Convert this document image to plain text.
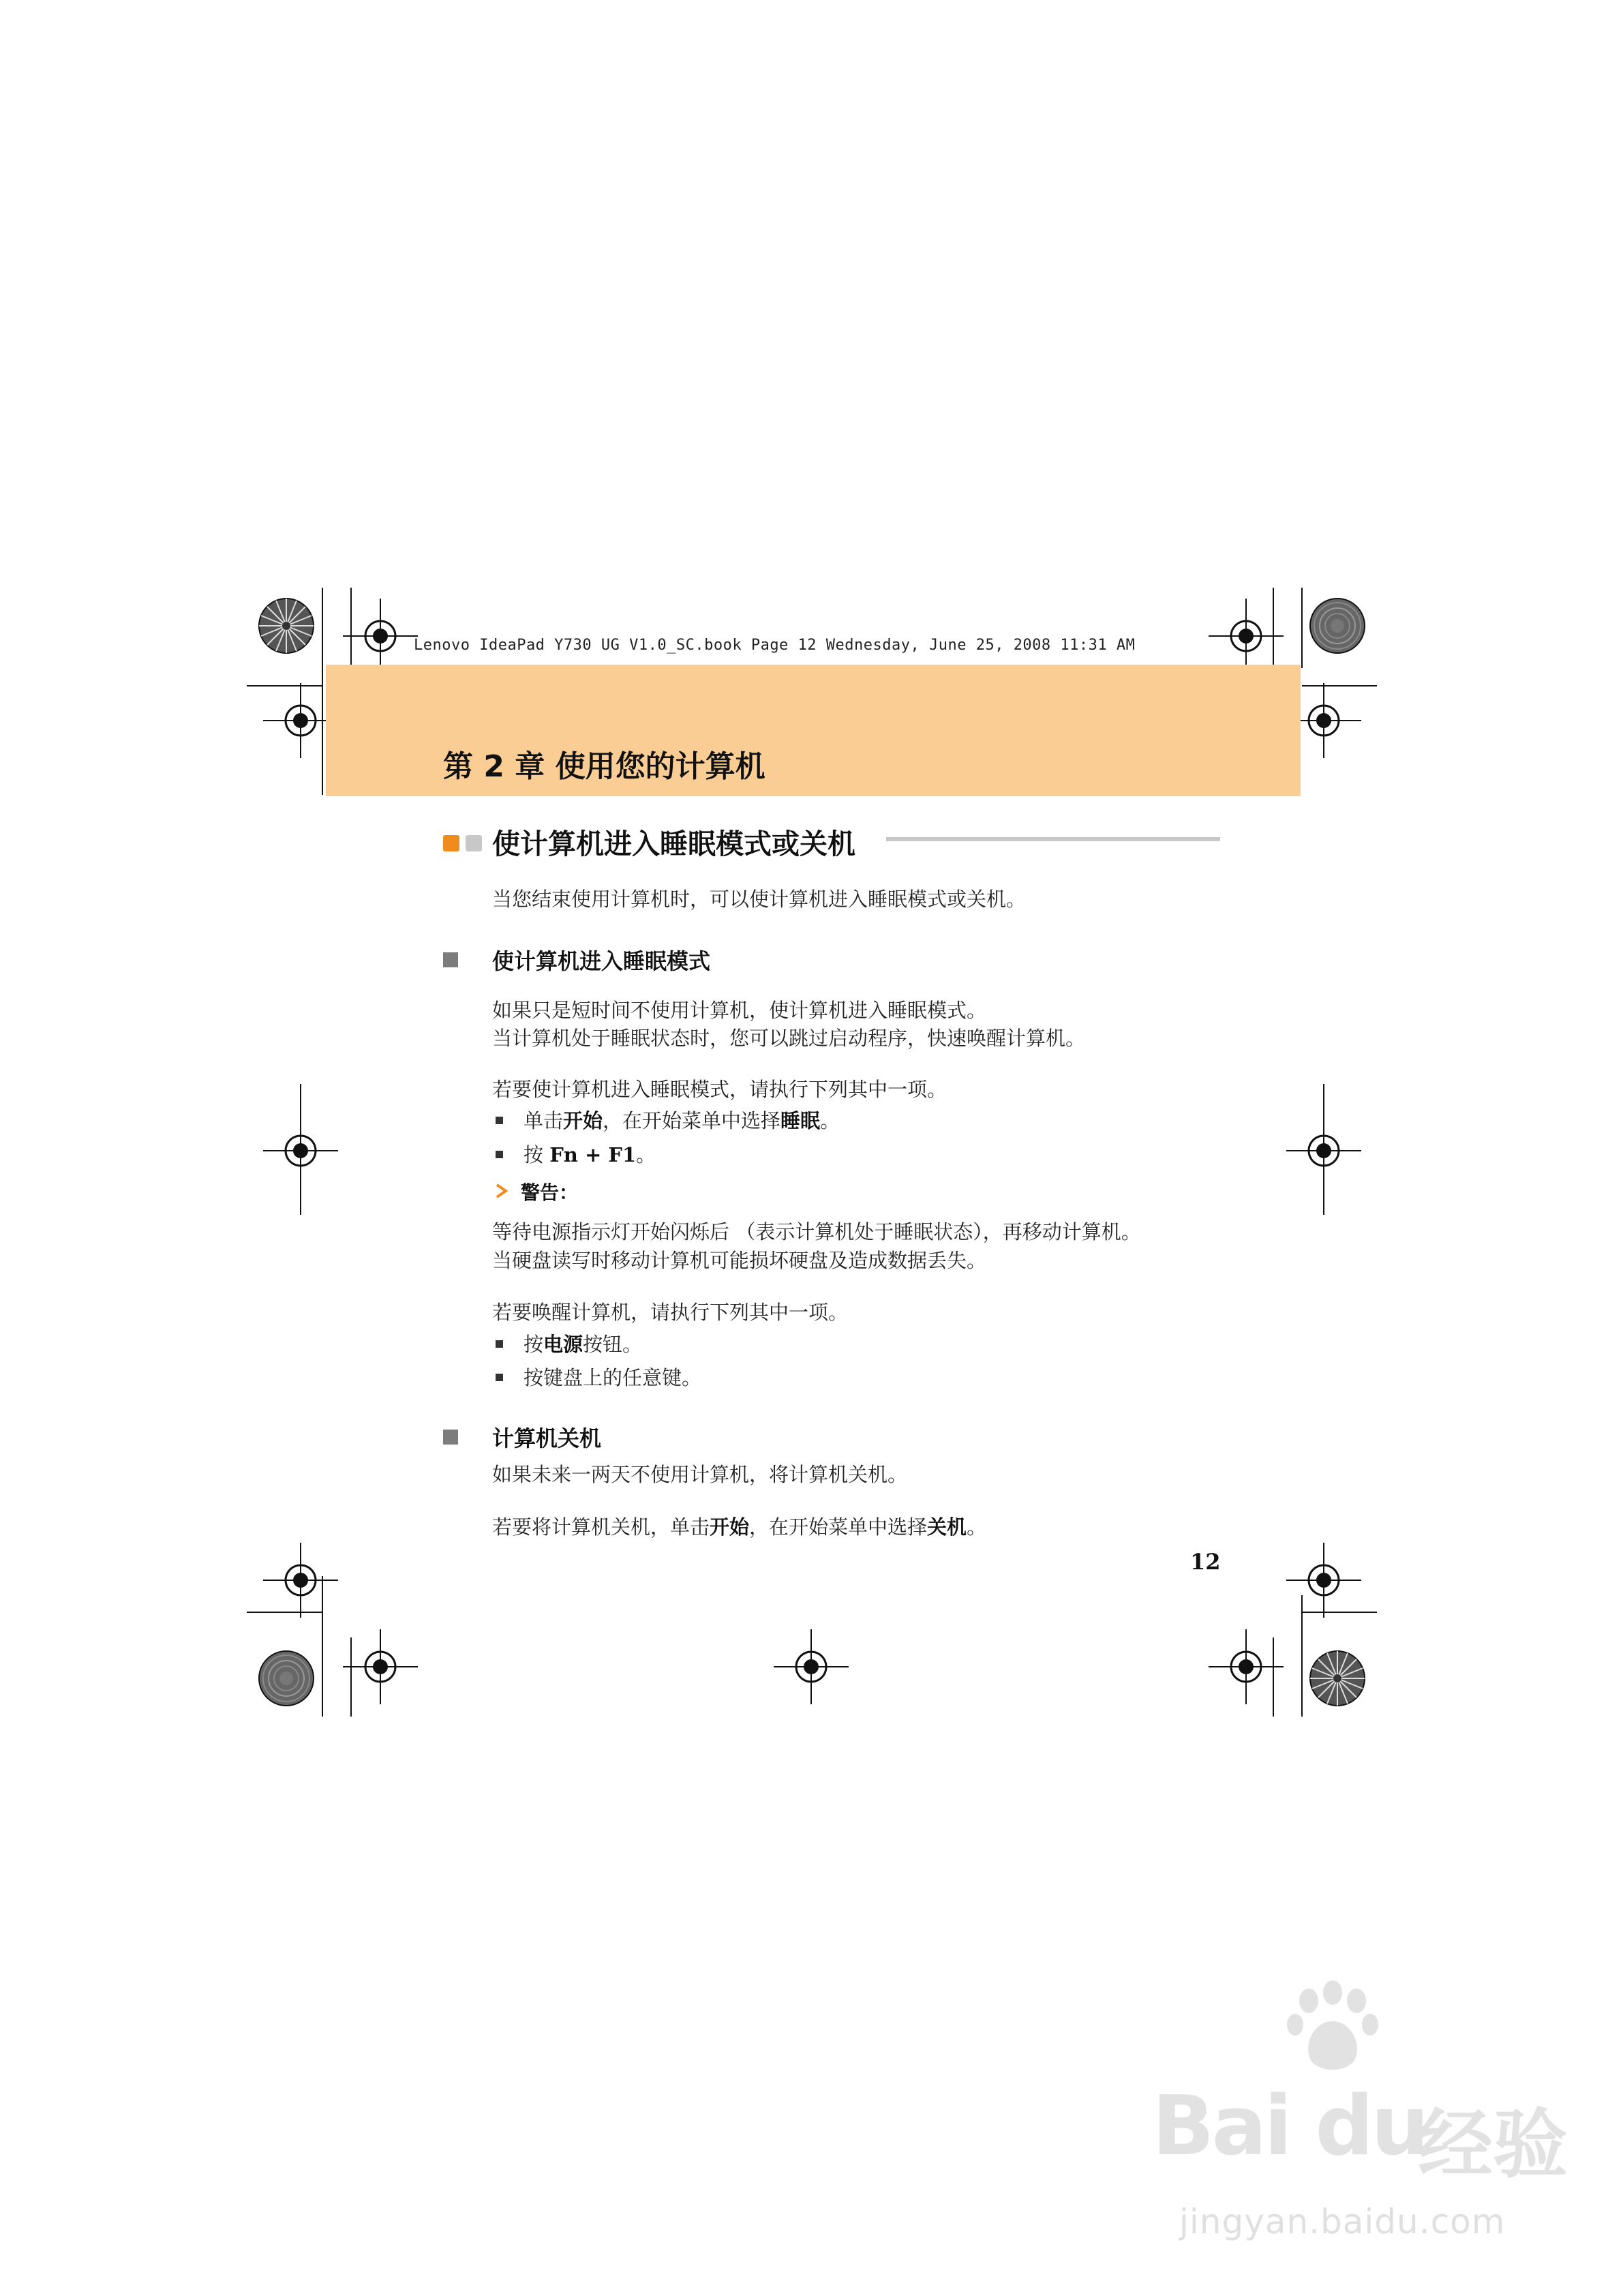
Lenovo IdeaPad Y730 UG V1.0_SC.book Page 12 Wednesday, June 25, 2008 11:31 AM
第 2 章 使用您的计算机
使计算机进入睡眠模式或关机
当您结束使用计算机时，可以使计算机进入睡眠模式或关机。
使计算机进入睡眠模式
如果只是短时间不使用计算机，使计算机进入睡眠模式。
当计算机处于睡眠状态时，您可以跳过启动程序，快速唤醒计算机。
若要使计算机进入睡眠模式，请执行下列其中一项。
单击开始，在开始菜单中选择睡眠。
按 Fn + F1。
警告：
等待电源指示灯开始闪烁后 （表示计算机处于睡眠状态），再移动计算机。
当硬盘读写时移动计算机可能损坏硬盘及造成数据丢失。
若要唤醒计算机，请执行下列其中一项。
按电源按钮。
按键盘上的任意键。
计算机关机
如果未来一两天不使用计算机，将计算机关机。
若要将计算机关机，单击开始，在开始菜单中选择关机。
12
Bai du
经验
jingyan.baidu.com
